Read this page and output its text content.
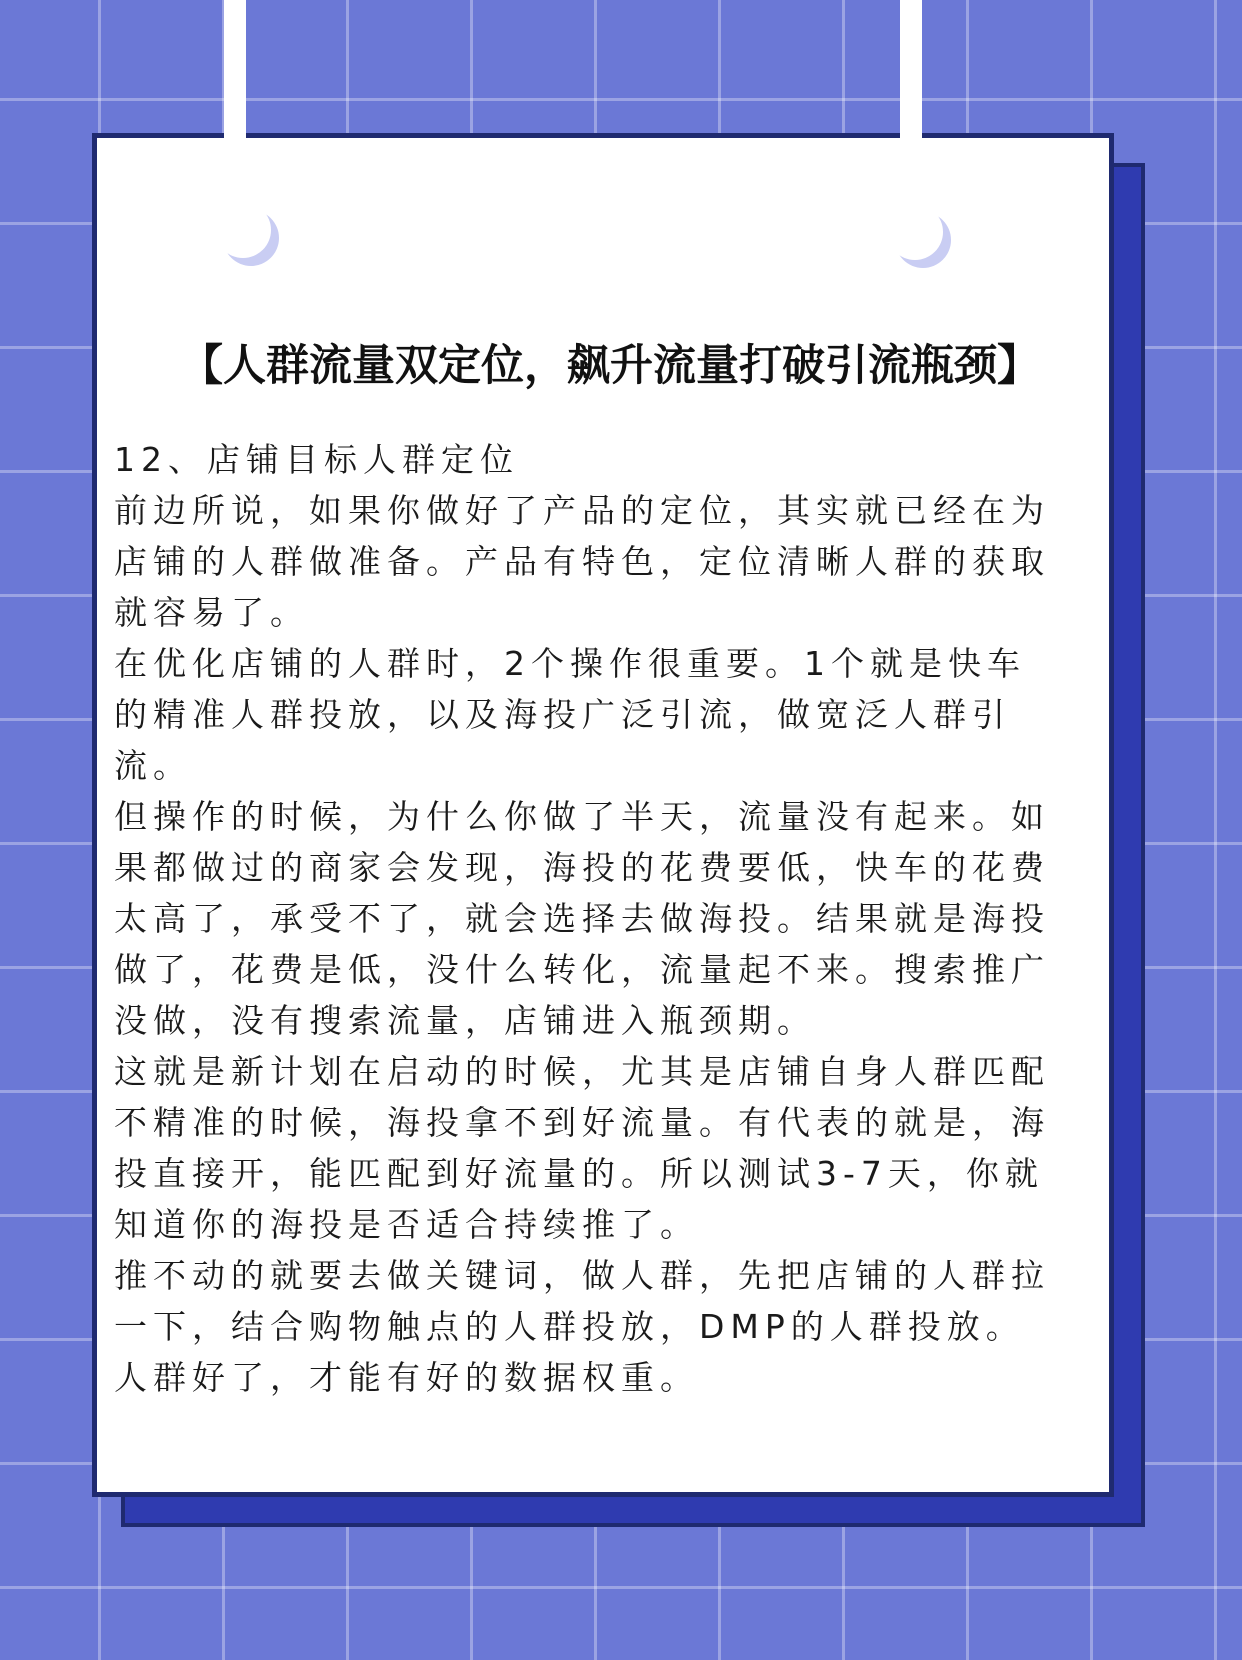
【人群流量双定位，飙升流量打破引流瓶颈】

12、店铺目标人群定位

前边所说，如果你做好了产品的定位，其实就已经在为店铺的人群做准备。产品有特色，定位清晰人群的获取就容易了。

在优化店铺的人群时，2个操作很重要。1个就是快车的精准人群投放，以及海投广泛引流，做宽泛人群引流。

但操作的时候，为什么你做了半天，流量没有起来。如果都做过的商家会发现，海投的花费要低，快车的花费太高了，承受不了，就会选择去做海投。结果就是海投做了，花费是低，没什么转化，流量起不来。搜索推广没做，没有搜索流量，店铺进入瓶颈期。

这就是新计划在启动的时候，尤其是店铺自身人群匹配不精准的时候，海投拿不到好流量。有代表的就是，海投直接开，能匹配到好流量的。所以测试3-7天，你就知道你的海投是否适合持续推了。

推不动的就要去做关键词，做人群，先把店铺的人群拉一下，结合购物触点的人群投放，DMP的人群投放。人群好了，才能有好的数据权重。
